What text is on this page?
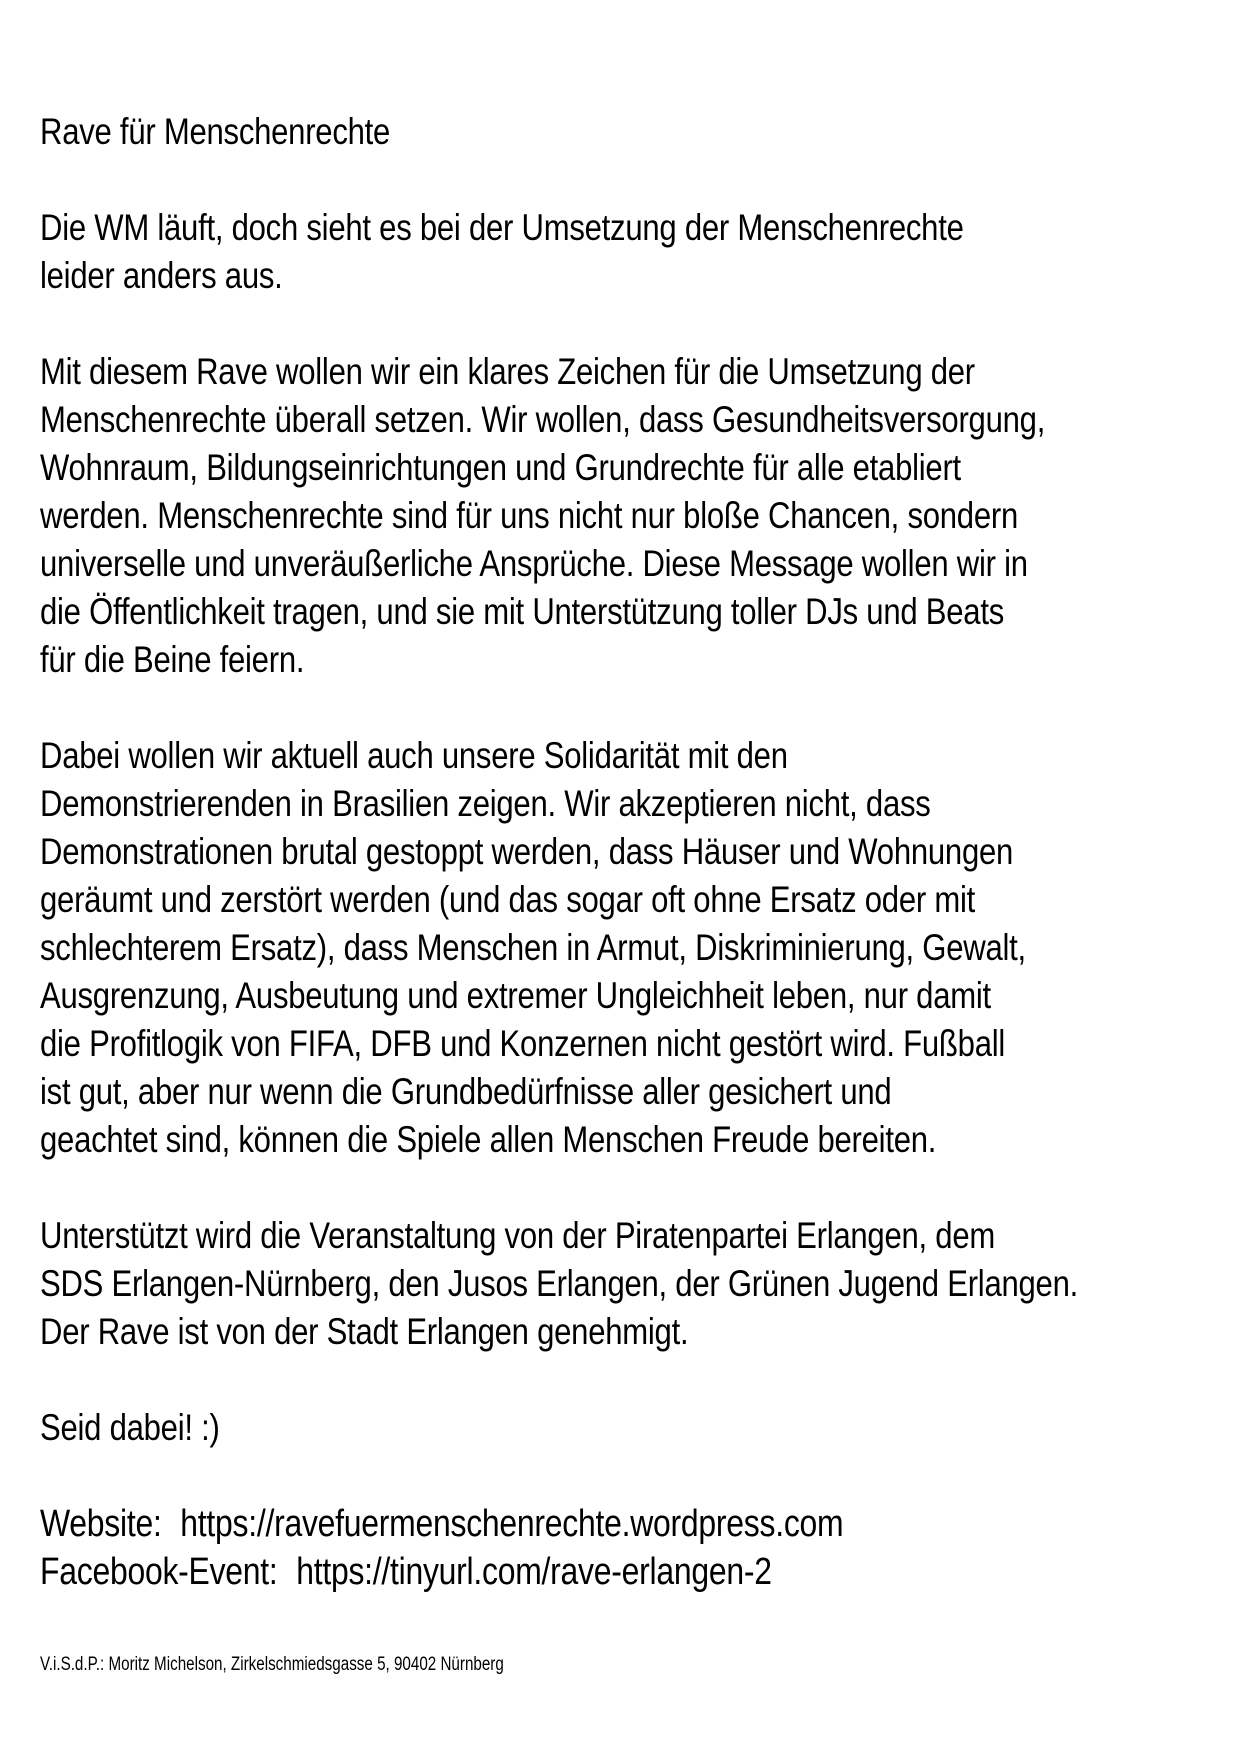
Rave für Menschenrechte
Die WM läuft, doch sieht es bei der Umsetzung der Menschenrechte
leider anders aus.
Mit diesem Rave wollen wir ein klares Zeichen für die Umsetzung der
Menschenrechte überall setzen. Wir wollen, dass Gesundheitsversorgung,
Wohnraum, Bildungseinrichtungen und Grundrechte für alle etabliert
werden. Menschenrechte sind für uns nicht nur bloße Chancen, sondern
universelle und unveräußerliche Ansprüche. Diese Message wollen wir in
die Öffentlichkeit tragen, und sie mit Unterstützung toller DJs und Beats
für die Beine feiern.
Dabei wollen wir aktuell auch unsere Solidarität mit den
Demonstrierenden in Brasilien zeigen. Wir akzeptieren nicht, dass
Demonstrationen brutal gestoppt werden, dass Häuser und Wohnungen
geräumt und zerstört werden (und das sogar oft ohne Ersatz oder mit
schlechterem Ersatz), dass Menschen in Armut, Diskriminierung, Gewalt,
Ausgrenzung, Ausbeutung und extremer Ungleichheit leben, nur damit
die Profitlogik von FIFA, DFB und Konzernen nicht gestört wird. Fußball
ist gut, aber nur wenn die Grundbedürfnisse aller gesichert und
geachtet sind, können die Spiele allen Menschen Freude bereiten.
Unterstützt wird die Veranstaltung von der Piratenpartei Erlangen, dem
SDS Erlangen-Nürnberg, den Jusos Erlangen, der Grünen Jugend Erlangen.
Der Rave ist von der Stadt Erlangen genehmigt.
Seid dabei! :)
Website: https://ravefuermenschenrechte.wordpress.com
Facebook-Event: https://tinyurl.com/rave-erlangen-2
V.i.S.d.P.: Moritz Michelson, Zirkelschmiedsgasse 5, 90402 Nürnberg
